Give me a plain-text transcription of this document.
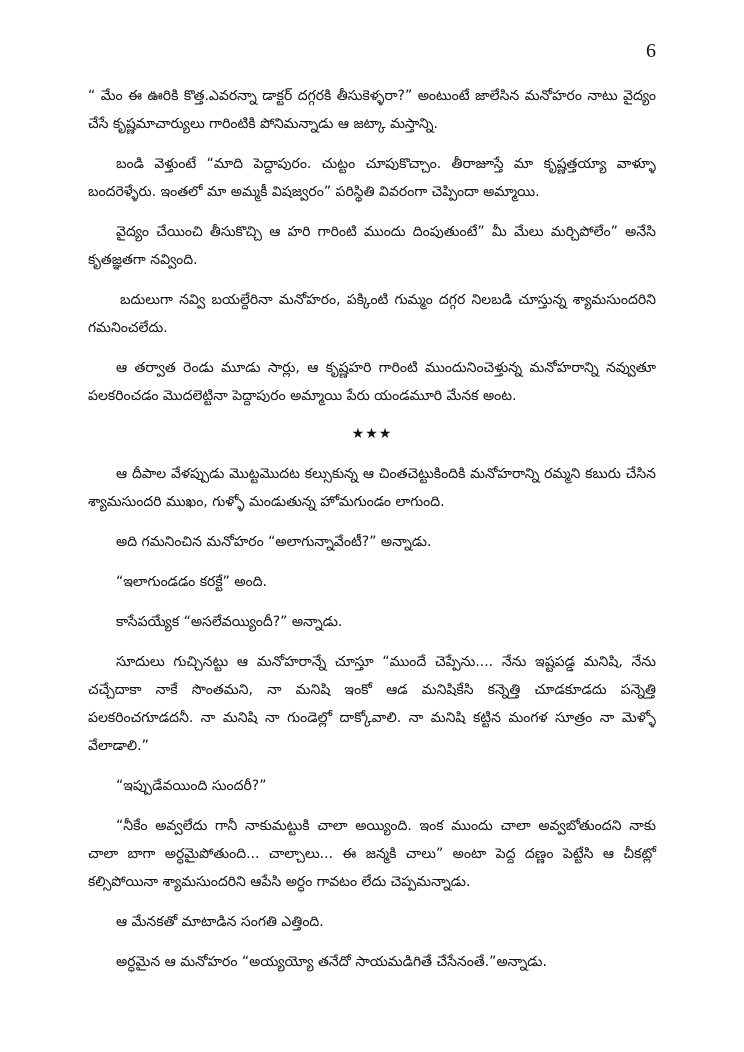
6

“ మేం ఈ ఊరికి కొత్త.ఎవరన్నా డాక్టర్ దగ్గరకి తీసుకెళ్ళరా?” అంటుంటే జాలేసిన మనోహరం నాటు వైద్యం చేసే కృష్ణమాచార్యులు గారింటికి పోనిమన్నాడు ఆ జట్కా మస్తాన్ని.

బండి వెళ్తుంటే “మాది పెద్దాపురం. చుట్టం చూపుకొచ్చాం. తీరాజూస్తే మా కృష్ణత్తయ్యా వాళ్ళూ బందరెళ్ళేరు. ఇంతలో మా అమ్మకీ విషజ్వరం” పరిస్థితి వివరంగా చెప్పిందా అమ్మాయి.

వైద్యం చేయించి తీసుకొచ్చి ఆ హరి గారింటి ముందు దింపుతుంటే” మీ మేలు మర్చిపోలేం” అనేసి కృతజ్ఞతగా నవ్వింది.

బదులుగా నవ్వి బయల్దేరినా మనోహరం, పక్కింటి గుమ్మం దగ్గర నిలబడి చూస్తున్న శ్యామసుందరిని గమనించలేదు.

ఆ తర్వాత రెండు మూడు సార్లు, ఆ కృష్ణహరి గారింటి ముందునించెళ్తున్న మనోహరాన్ని నవ్వుతూ పలకరించడం మొదలెట్టినా పెద్దాపురం అమ్మాయి పేరు యండమూరి మేనక అంట.

★★★

ఆ దీపాల వేళప్పుడు మొట్టమొదట కల్సుకున్న ఆ చింతచెట్టుకిందికి మనోహరాన్ని రమ్మని కబురు చేసిన శ్యామసుందరి ముఖం, గుళ్ళో మండుతున్న హోమగుండం లాగుంది.

అది గమనించిన మనోహరం “అలాగున్నావేంటీ?” అన్నాడు.

“ఇలాగుండడం కరక్టే” అంది.

కాసేపయ్యేక “అసలేవయ్యిందీ?” అన్నాడు.

సూదులు గుచ్చినట్టు ఆ మనోహరాన్నే చూస్తూ “ముందే చెప్పేను.... నేను ఇష్టపడ్డ మనిషి, నేను చచ్చేదాకా నాకే సొంతమని, నా మనిషి ఇంకో ఆడ మనిషికేసి కన్నెత్తి చూడకూడదు పన్నెత్తి పలకరించగూడదనీ. నా మనిషి నా గుండెల్లో దాక్కోవాలి. నా మనిషి కట్టిన మంగళ సూత్రం నా మెళ్ళో వేలాడాలి.”

“ఇప్పుడేవయింది సుందరీ?”

“నీకేం అవ్వలేదు గానీ నాకుమట్టుకి చాలా అయ్యింది. ఇంక ముందు చాలా అవ్వబోతుందని నాకు చాలా బాగా అర్ధమైపోతుంది... చాల్చాలు... ఈ జన్మకి చాలు” అంటా పెద్ద దణ్ణం పెట్టేసి ఆ చీకట్లో కల్సిపోయినా శ్యామసుందరిని ఆపేసి అర్ధం గావటం లేదు చెప్పమన్నాడు.

ఆ మేనకతో మాటాడిన సంగతి ఎత్తింది.

అర్ధమైన ఆ మనోహరం “అయ్యయ్యో తనేదో సాయమడిగితే చేసేనంతే.”అన్నాడు.
